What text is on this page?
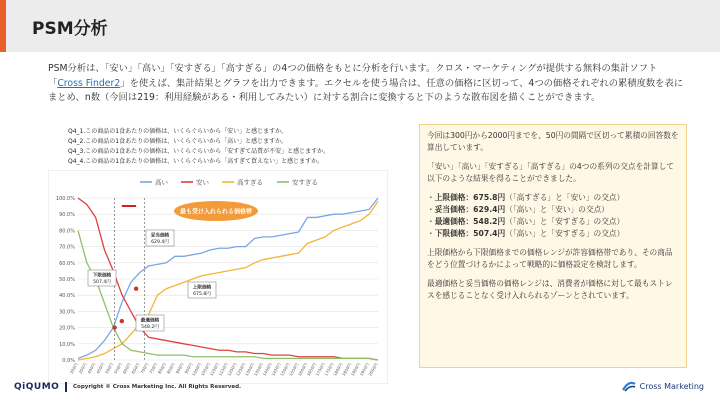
PSM分析
PSM分析は、「安い」「高い」「安すぎる」「高すぎる」の4つの価格をもとに分析を行います。クロス・マーケティングが提供する無料の集計ソフト「Cross Finder2」を使えば、集計結果とグラフを出力できます。エクセルを使う場合は、任意の価格に区切って、4つの価格それぞれの累積度数を表にまとめ、n数（今回は219：利用経験がある・利用してみたい）に対する割合に変換すると下のような散布図を描くことができます。
Q4_1.この商品の1食あたりの価格は、いくらぐらいから「安い」と感じますか。
Q4_2.この商品の1食あたりの価格は、いくらぐらいから「高い」と感じますか。
Q4_3.この商品の1食あたりの価格は、いくらぐらいから「安すぎて品質が不安」と感じますか。
Q4_4.この商品の1食あたりの価格は、いくらぐらいから「高すぎて買えない」と感じますか。
100.0%
90.0%
80.0%
70.0%
60.0%
50.0%
40.0%
30.0%
20.0%
10.0%
0.0%
300円
350円
400円
450円
500円
550円
600円
650円
700円
750円
800円
850円
900円
950円
1000円
1050円
1100円
1150円
1200円
1250円
1300円
1350円
1400円
1450円
1500円
1550円
1600円
1650円
1700円
1750円
1800円
1850円
1900円
1950円
2000円
高い	安い	高すぎる	安すぎる
最も受け入れられる価格帯
下限価格
507.4円
最適価格
548.2円
妥当価格
629.4円
上限価格
675.8円

今回は300円から2000円までを、50円の間隔で区切って累積の回答数を算出しています。

「安い」「高い」「安すぎる」「高すぎる」の4つの系列の交点を計算して以下のような結果を得ることができました。

・上限価格：675.8円（「高すぎる」と「安い」の交点）
・妥当価格：629.4円（「高い」と「安い」の交点）
・最適価格：548.2円（「高い」と「安すぎる」の交点）
・下限価格：507.4円（「高い」と「安すぎる」の交点）

上限価格から下限価格までの価格レンジが許容価格帯であり、その商品をどう位置づけるかによって戦略的に価格設定を検討します。

最適価格と妥当価格の価格レンジは、消費者が価格に対して最もストレスを感じることなく受け入れられるゾーンとされています。

QiQUMO Copyright © Cross Marketing Inc. All Rights Reserved.	Cross Marketing
